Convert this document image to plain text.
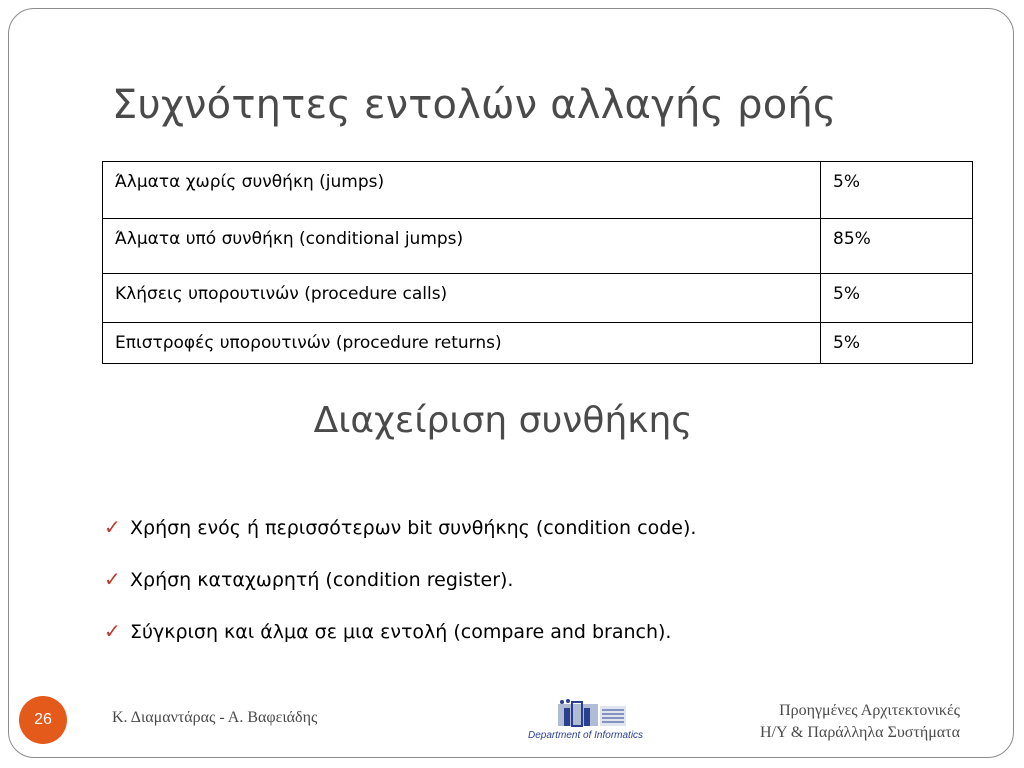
Συχνότητες εντολών αλλαγής ροής
Άλματα χωρίς συνθήκη (jumps)	5%
Άλματα υπό συνθήκη (conditional jumps)	85%
Κλήσεις υπορουτινών (procedure calls)	5%
Επιστροφές υπορουτινών (procedure returns)	5%
Διαχείριση συνθήκης
✓ Χρήση ενός ή περισσότερων bit συνθήκης (condition code).
✓ Χρήση καταχωρητή (condition register).
✓ Σύγκριση και άλμα σε μια εντολή (compare and branch).
26	Κ. Διαμαντάρας - Α. Βαφειάδης
Department of Informatics
Προηγμένες Αρχιτεκτονικές
Η/Υ & Παράλληλα Συστήματα
